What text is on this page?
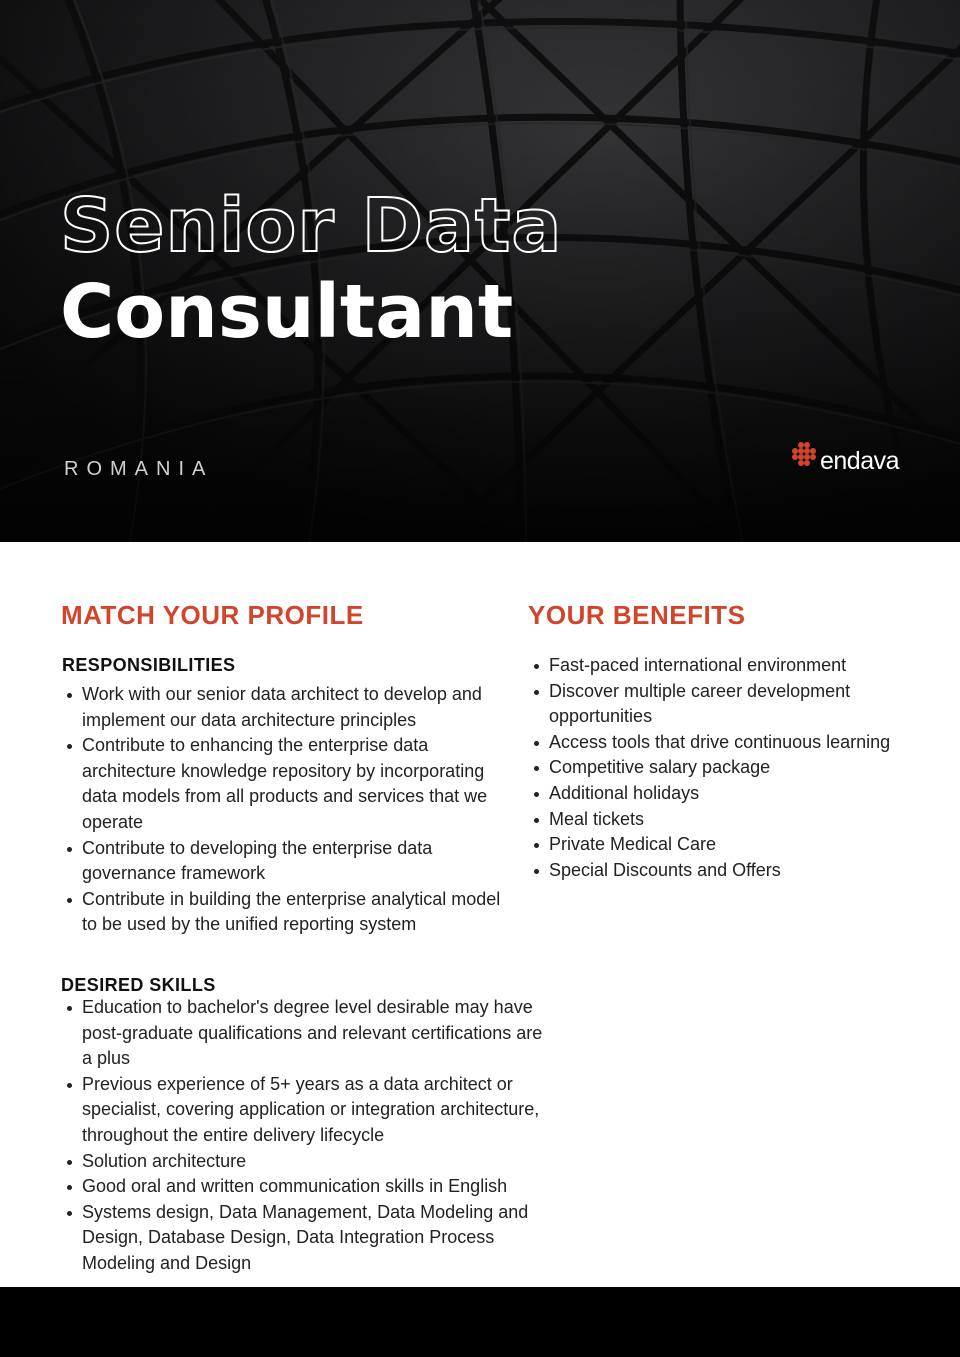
Senior Data
Consultant
ROMANIA	endava
MATCH YOUR PROFILE
RESPONSIBILITIES
Work with our senior data architect to develop and implement our data architecture principles
Contribute to enhancing the enterprise data architecture knowledge repository by incorporating data models from all products and services that we operate
Contribute to developing the enterprise data governance framework
Contribute in building the enterprise analytical model to be used by the unified reporting system
DESIRED SKILLS
Education to bachelor's degree level desirable may have post-graduate qualifications and relevant certifications are a plus
Previous experience of 5+ years as a data architect or specialist, covering application or integration architecture, throughout the entire delivery lifecycle
Solution architecture
Good oral and written communication skills in English
Systems design, Data Management, Data Modeling and Design, Database Design, Data Integration Process Modeling and Design
YOUR BENEFITS
Fast-paced international environment
Discover multiple career development opportunities
Access tools that drive continuous learning
Competitive salary package
Additional holidays
Meal tickets
Private Medical Care
Special Discounts and Offers
